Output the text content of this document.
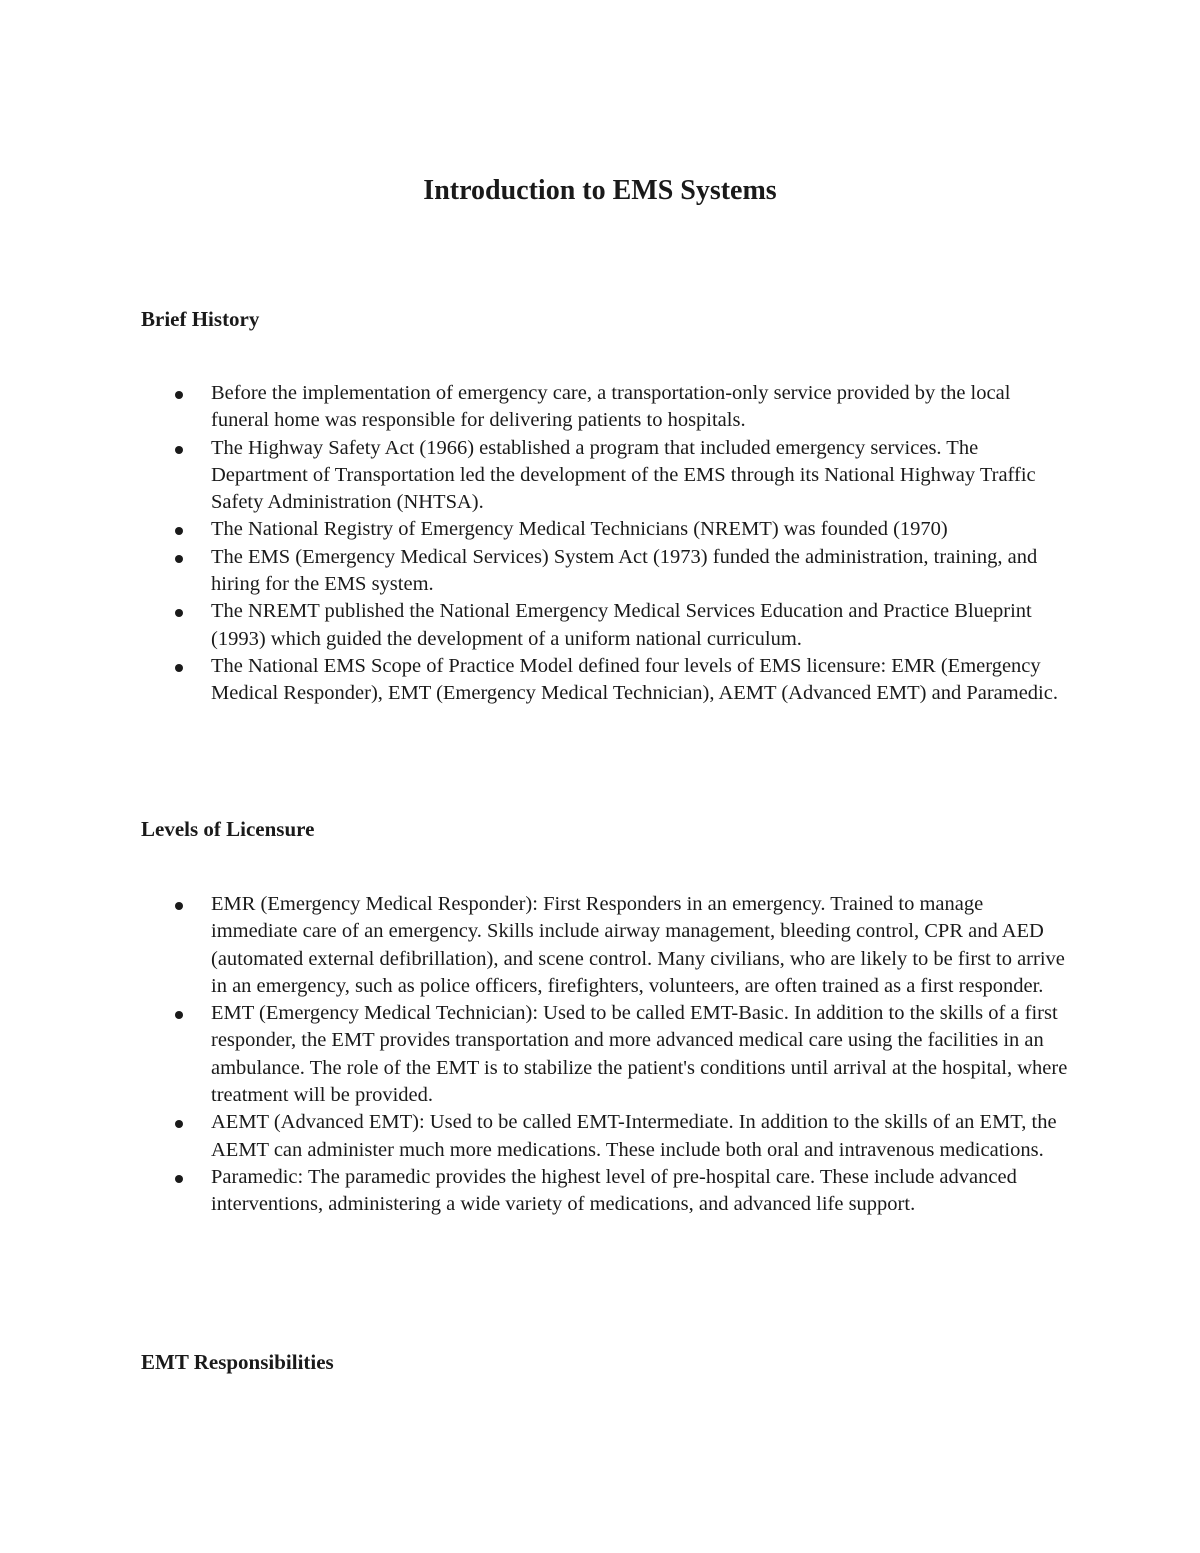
Introduction to EMS Systems
Brief History
Before the implementation of emergency care, a transportation-only service provided by the local funeral home was responsible for delivering patients to hospitals.
The Highway Safety Act (1966) established a program that included emergency services. The Department of Transportation led the development of the EMS through its National Highway Traffic Safety Administration (NHTSA).
The National Registry of Emergency Medical Technicians (NREMT) was founded (1970)
The EMS (Emergency Medical Services) System Act (1973) funded the administration, training, and hiring for the EMS system.
The NREMT published the National Emergency Medical Services Education and Practice Blueprint (1993) which guided the development of a uniform national curriculum.
The National EMS Scope of Practice Model defined four levels of EMS licensure: EMR (Emergency Medical Responder), EMT (Emergency Medical Technician), AEMT (Advanced EMT) and Paramedic.
Levels of Licensure
EMR (Emergency Medical Responder): First Responders in an emergency. Trained to manage immediate care of an emergency. Skills include airway management, bleeding control, CPR and AED (automated external defibrillation), and scene control. Many civilians, who are likely to be first to arrive in an emergency, such as police officers, firefighters, volunteers, are often trained as a first responder.
EMT (Emergency Medical Technician): Used to be called EMT-Basic. In addition to the skills of a first responder, the EMT provides transportation and more advanced medical care using the facilities in an ambulance. The role of the EMT is to stabilize the patient's conditions until arrival at the hospital, where treatment will be provided.
AEMT (Advanced EMT): Used to be called EMT-Intermediate. In addition to the skills of an EMT, the AEMT can administer much more medications. These include both oral and intravenous medications.
Paramedic: The paramedic provides the highest level of pre-hospital care. These include advanced interventions, administering a wide variety of medications, and advanced life support.
EMT Responsibilities
